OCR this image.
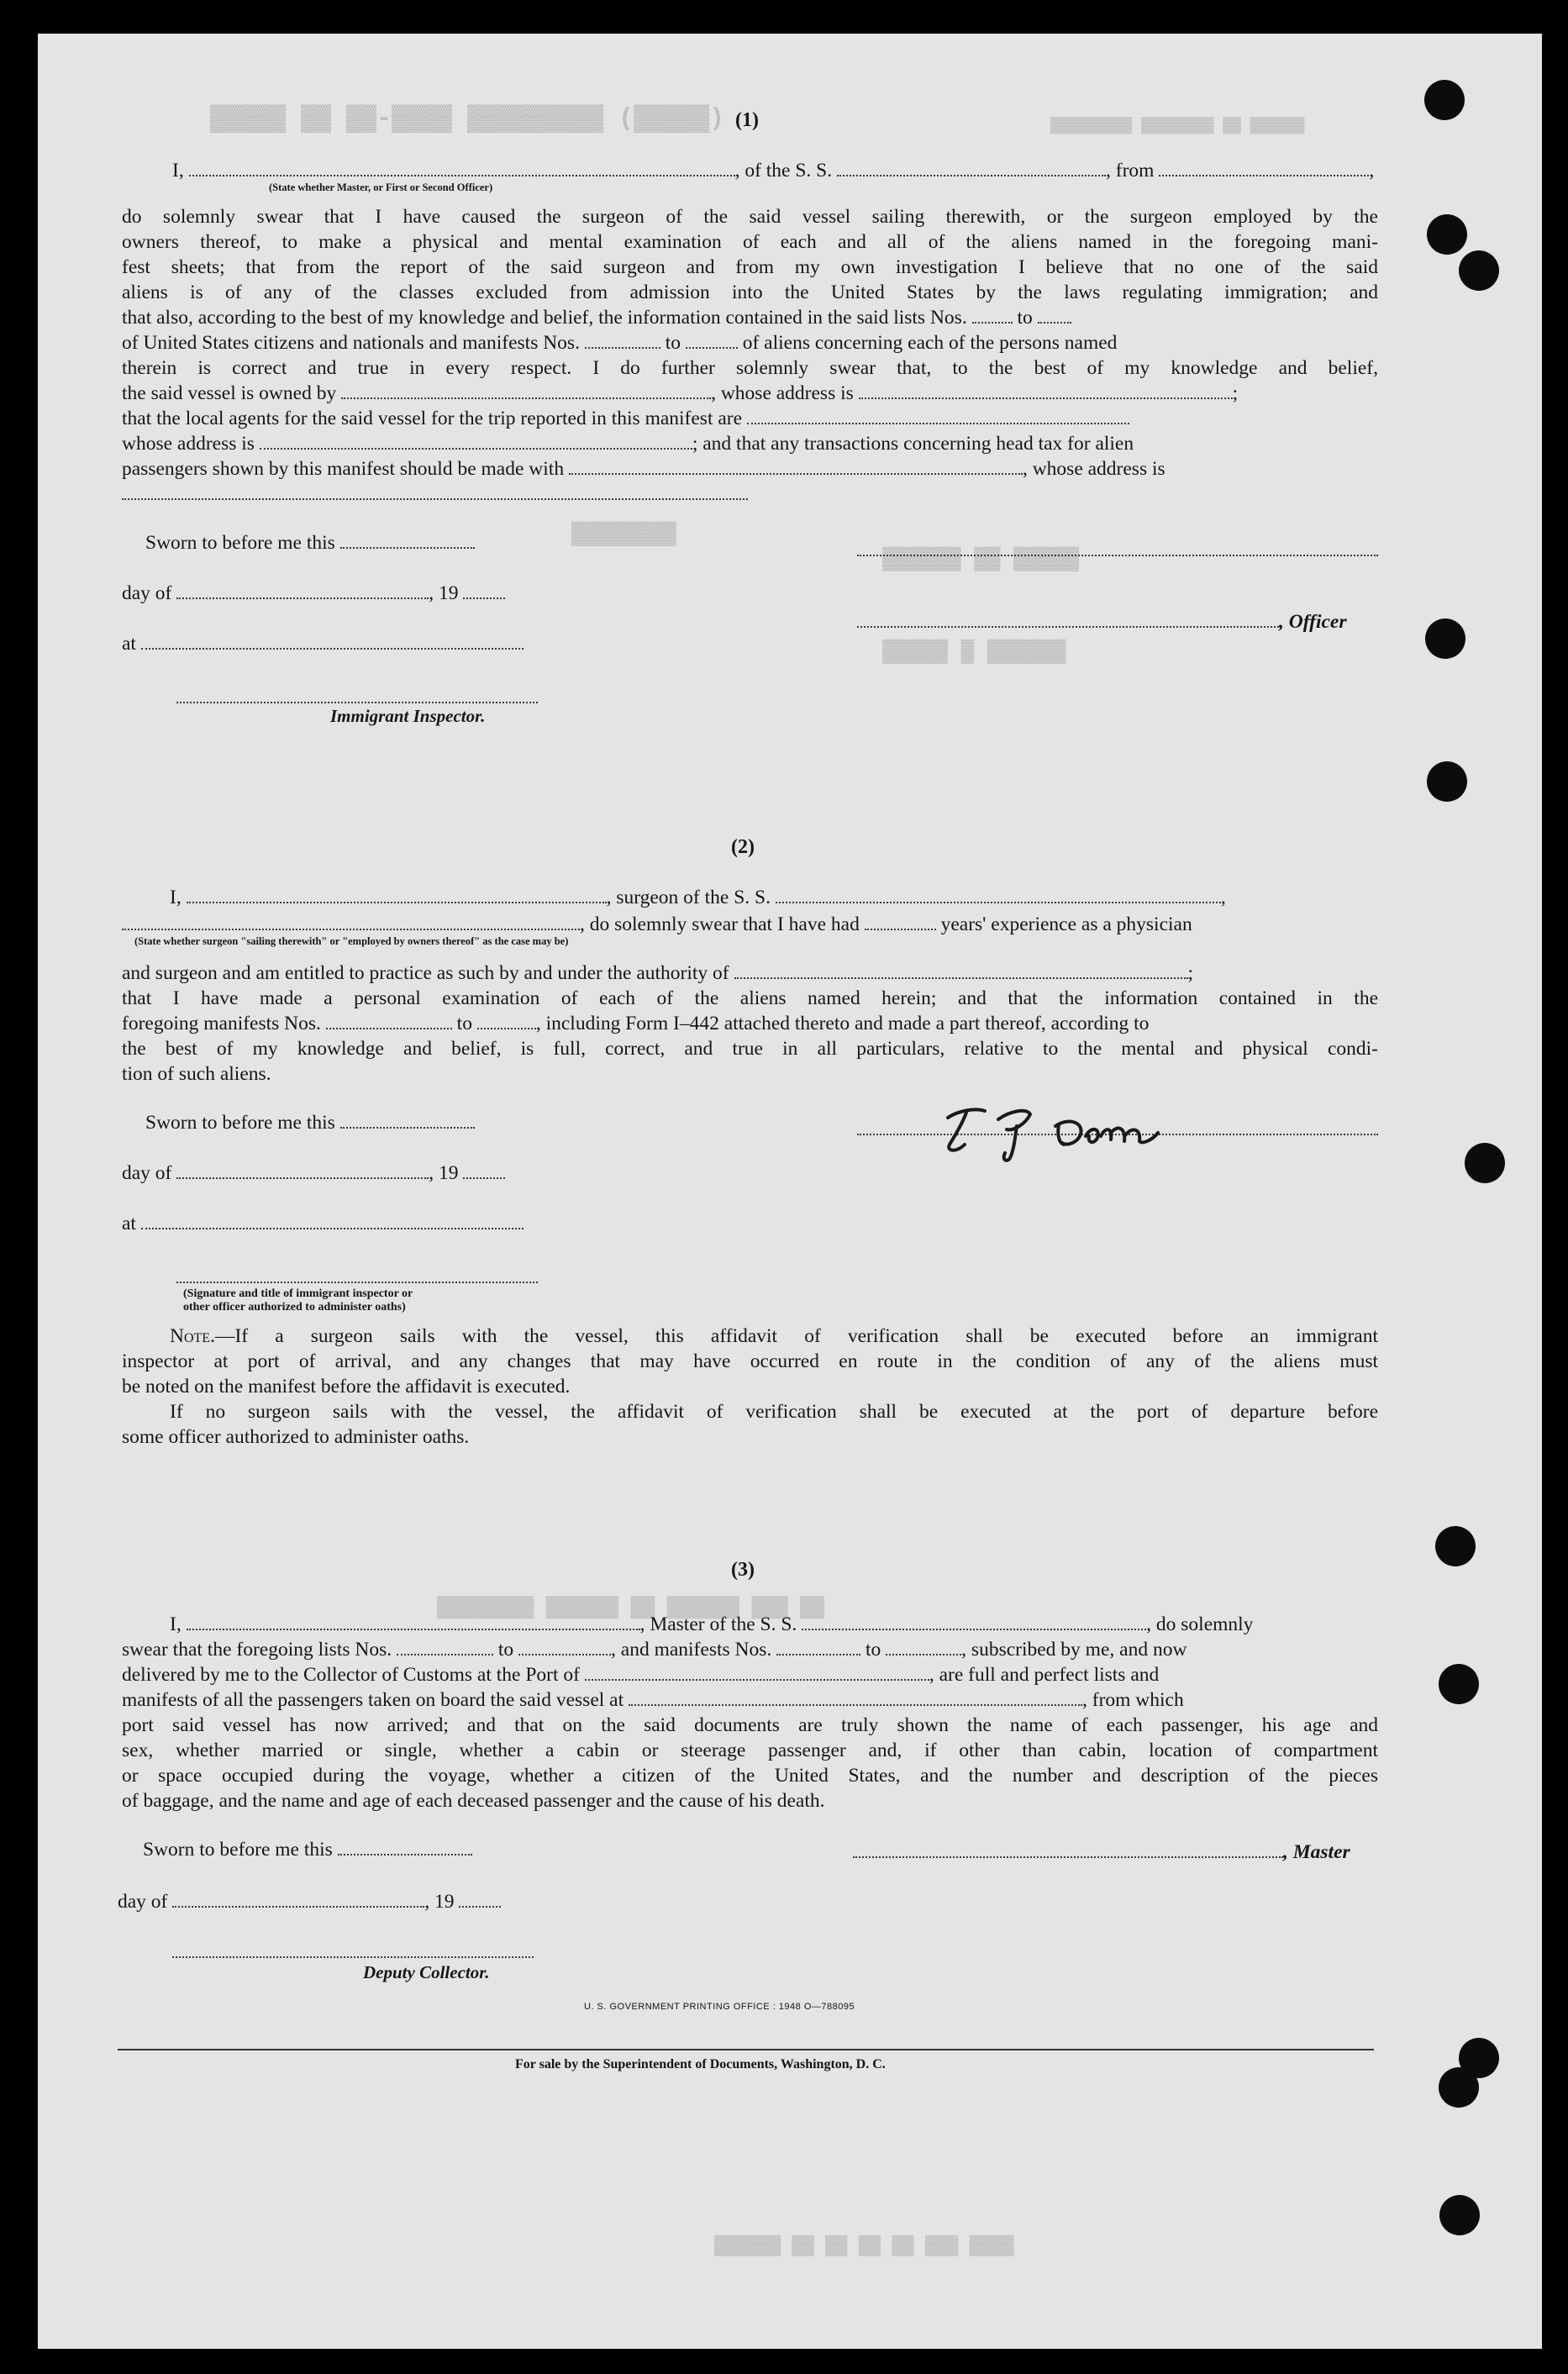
▓▓▓▓▓ ▓▓ ▓▓-▓▓▓▓ ▓▓▓▓▓▓▓▓▓ (▓▓▓▓▓)	▓▓▓▓▓▓▓▓▓ ▓▓▓▓▓▓▓▓ ▓▓ ▓▓▓▓▓▓
▓▓▓▓▓▓▓▓
▓▓▓▓▓▓ ▓▓ ▓▓▓▓▓
▓▓▓▓▓ ▓ ▓▓▓▓▓▓
▓▓▓▓▓▓▓▓ ▓▓▓▓▓▓ ▓▓ ▓▓▓▓▓▓ ▓▓▓ ▓▓
▓▓▓▓▓▓ ▓▓ ▓▓ ▓▓ ▓▓ ▓▓▓ ▓▓▓▓
(1)
I,	, of the S. S.	, from	,
(State whether Master, or First or Second Officer)
do solemnly swear that I have caused the surgeon of the said vessel sailing therewith, or the surgeon employed by the
owners thereof, to make a physical and mental examination of each and all of the aliens named in the foregoing mani-
fest sheets; that from the report of the said surgeon and from my own investigation I believe that no one of the said
aliens is of any of the classes excluded from admission into the United States by the laws regulating immigration; and
that also, according to the best of my knowledge and belief, the information contained in the said lists Nos.	to
of United States citizens and nationals and manifests Nos.	to	of aliens concerning each of the persons named
therein is correct and true in every respect. I do further solemnly swear that, to the best of my knowledge and belief,
the said vessel is owned by	, whose address is	;
that the local agents for the said vessel for the trip reported in this manifest are
whose address is	; and that any transactions concerning head tax for alien
passengers shown by this manifest should be made with	, whose address is
Sworn to before me this
day of	, 19
, Officer
at
Immigrant Inspector.
(2)
I,	, surgeon of the S. S.	,
, do solemnly swear that I have had	years' experience as a physician
(State whether surgeon "sailing therewith" or "employed by owners thereof" as the case may be)
and surgeon and am entitled to practice as such by and under the authority of	;
that I have made a personal examination of each of the aliens named herein; and that the information contained in the
foregoing manifests Nos.	to	, including Form I–442 attached thereto and made a part thereof, according to
the best of my knowledge and belief, is full, correct, and true in all particulars, relative to the mental and physical condi-
tion of such aliens.
Sworn to before me this
day of	, 19
at
(Signature and title of immigrant inspector or
other officer authorized to administer oaths)
Note.—If a surgeon sails with the vessel, this affidavit of verification shall be executed before an immigrant
inspector at port of arrival, and any changes that may have occurred en route in the condition of any of the aliens must
be noted on the manifest before the affidavit is executed.
If no surgeon sails with the vessel, the affidavit of verification shall be executed at the port of departure before
some officer authorized to administer oaths.
(3)
I,	, Master of the S. S.	, do solemnly
swear that the foregoing lists Nos.	to	, and manifests Nos.	to	, subscribed by me, and now
delivered by me to the Collector of Customs at the Port of	, are full and perfect lists and
manifests of all the passengers taken on board the said vessel at	, from which
port said vessel has now arrived; and that on the said documents are truly shown the name of each passenger, his age and
sex, whether married or single, whether a cabin or steerage passenger and, if other than cabin, location of compartment
or space occupied during the voyage, whether a citizen of the United States, and the number and description of the pieces
of baggage, and the name and age of each deceased passenger and the cause of his death.
Sworn to before me this	, Master
day of	, 19
Deputy Collector.
U. S. GOVERNMENT PRINTING OFFICE : 1948 O—788095
For sale by the Superintendent of Documents, Washington, D. C.
